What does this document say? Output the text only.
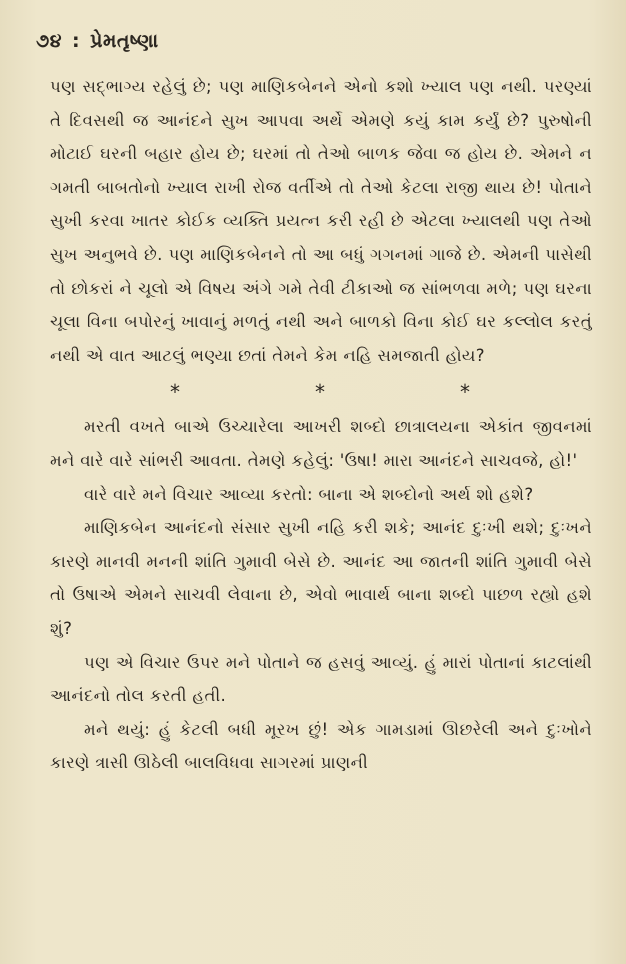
૭૪ : પ્રેમતૃષ્ણા

પણ સદ્ભાગ્ય રહેલું છે; પણ માણિકબેનને એનો કશો ખ્યાલ પણ નથી. પરણ્યાં તે દિવસથી જ આનંદને સુખ આપવા અર્થે એમણે કયું કામ કર્યું છે? પુરુષોની મોટાઈ ઘરની બહાર હોય છે; ઘરમાં તો તેઓ બાળક જેવા જ હોય છે. એમને ન ગમતી બાબતોનો ખ્યાલ રાખી રોજ વર્તીએ તો તેઓ કેટલા રાજી થાય છે! પોતાને સુખી કરવા ખાતર કોઈક વ્યક્તિ પ્રયત્ન કરી રહી છે એટલા ખ્યાલથી પણ તેઓ સુખ અનુભવે છે. પણ માણિકબેનને તો આ બધું ગગનમાં ગાજે છે. એમની પાસેથી તો છોકરાં ને ચૂલો એ વિષય અંગે ગમે તેવી ટીકાઓ જ સાંભળવા મળે; પણ ઘરના ચૂલા વિના બપોરનું ખાવાનું મળતું નથી અને બાળકો વિના કોઈ ઘર કલ્લોલ કરતું નથી એ વાત આટલું ભણ્યા છતાં તેમને કેમ નહિ સમજાતી હોય?

*	*	*

મરતી વખતે બાએ ઉચ્ચારેલા આખરી શબ્દો છાત્રાલયના એકાંત જીવનમાં મને વારે વારે સાંભરી આવતા. તેમણે કહેલું: 'ઉષા! મારા આનંદને સાચવજે, હો!'

વારે વારે મને વિચાર આવ્યા કરતો: બાના એ શબ્દોનો અર્થ શો હશે?

માણિકબેન આનંદનો સંસાર સુખી નહિ કરી શકે; આનંદ દુઃખી થશે; દુઃખને કારણે માનવી મનની શાંતિ ગુમાવી બેસે છે. આનંદ આ જાતની શાંતિ ગુમાવી બેસે તો ઉષાએ એમને સાચવી લેવાના છે, એવો ભાવાર્થ બાના શબ્દો પાછળ રહ્યો હશે શું?

પણ એ વિચાર ઉપર મને પોતાને જ હસવું આવ્યું. હું મારાં પોતાનાં કાટલાંથી આનંદનો તોલ કરતી હતી.

મને થયું: હું કેટલી બધી મૂરખ છું! એક ગામડામાં ઊછરેલી અને દુઃખોને કારણે ત્રાસી ઊઠેલી બાલવિધવા સાગરમાં પ્રાણની
